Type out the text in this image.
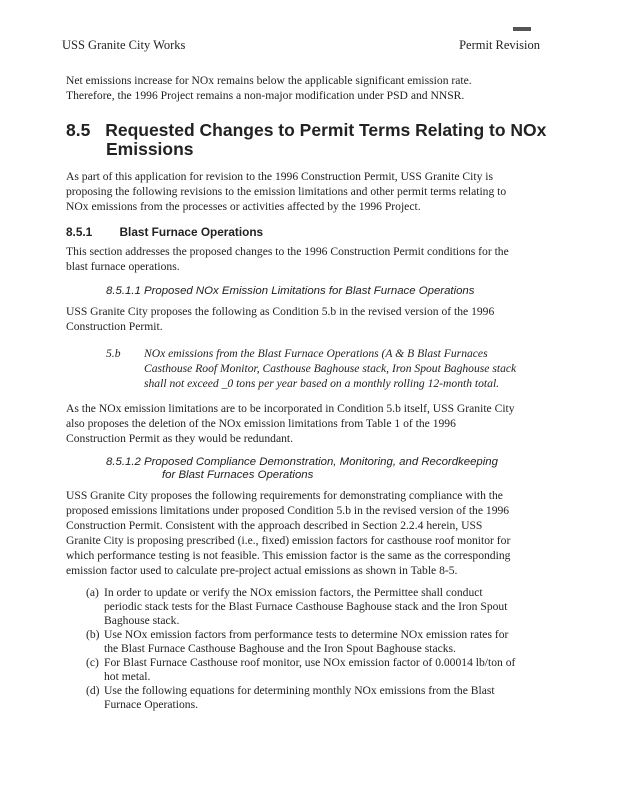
USS Granite City Works	Permit Revision
Net emissions increase for NOx remains below the applicable significant emission rate.
Therefore, the 1996 Project remains a non-major modification under PSD and NNSR.
8.5 Requested Changes to Permit Terms Relating to NOx
Emissions
As part of this application for revision to the 1996 Construction Permit, USS Granite City is
proposing the following revisions to the emission limitations and other permit terms relating to
NOx emissions from the processes or activities affected by the 1996 Project.
8.5.1 Blast Furnace Operations
This section addresses the proposed changes to the 1996 Construction Permit conditions for the
blast furnace operations.
8.5.1.1 Proposed NOx Emission Limitations for Blast Furnace Operations
USS Granite City proposes the following as Condition 5.b in the revised version of the 1996
Construction Permit.
5.b NOx emissions from the Blast Furnace Operations (A & B Blast Furnaces
Casthouse Roof Monitor, Casthouse Baghouse stack, Iron Spout Baghouse stack
shall not exceed _0 tons per year based on a monthly rolling 12-month total.
As the NOx emission limitations are to be incorporated in Condition 5.b itself, USS Granite City
also proposes the deletion of the NOx emission limitations from Table 1 of the 1996
Construction Permit as they would be redundant.
8.5.1.2 Proposed Compliance Demonstration, Monitoring, and Recordkeeping
for Blast Furnaces Operations
USS Granite City proposes the following requirements for demonstrating compliance with the
proposed emissions limitations under proposed Condition 5.b in the revised version of the 1996
Construction Permit. Consistent with the approach described in Section 2.2.4 herein, USS
Granite City is proposing prescribed (i.e., fixed) emission factors for casthouse roof monitor for
which performance testing is not feasible. This emission factor is the same as the corresponding
emission factor used to calculate pre-project actual emissions as shown in Table 8-5.
(a) In order to update or verify the NOx emission factors, the Permittee shall conduct
periodic stack tests for the Blast Furnace Casthouse Baghouse stack and the Iron Spout
Baghouse stack.
(b) Use NOx emission factors from performance tests to determine NOx emission rates for
the Blast Furnace Casthouse Baghouse and the Iron Spout Baghouse stacks.
(c) For Blast Furnace Casthouse roof monitor, use NOx emission factor of 0.00014 lb/ton of
hot metal.
(d) Use the following equations for determining monthly NOx emissions from the Blast
Furnace Operations.
